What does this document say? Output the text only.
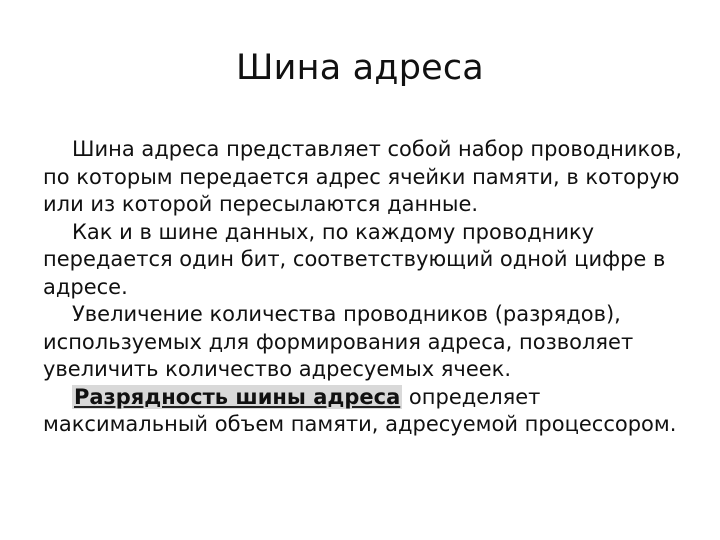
Шина адреса

Шина адреса представляет собой набор проводников, по которым передается адрес ячейки памяти, в которую или из которой пересылаются данные.

Как и в шине данных, по каждому проводнику передается один бит, соответствующий одной цифре в адресе.

Увеличение количества проводников (разрядов), используемых для формирования адреса, позволяет увеличить количество адресуемых ячеек.

Разрядность шины адреса определяет максимальный объем памяти, адресуемой процессором.
